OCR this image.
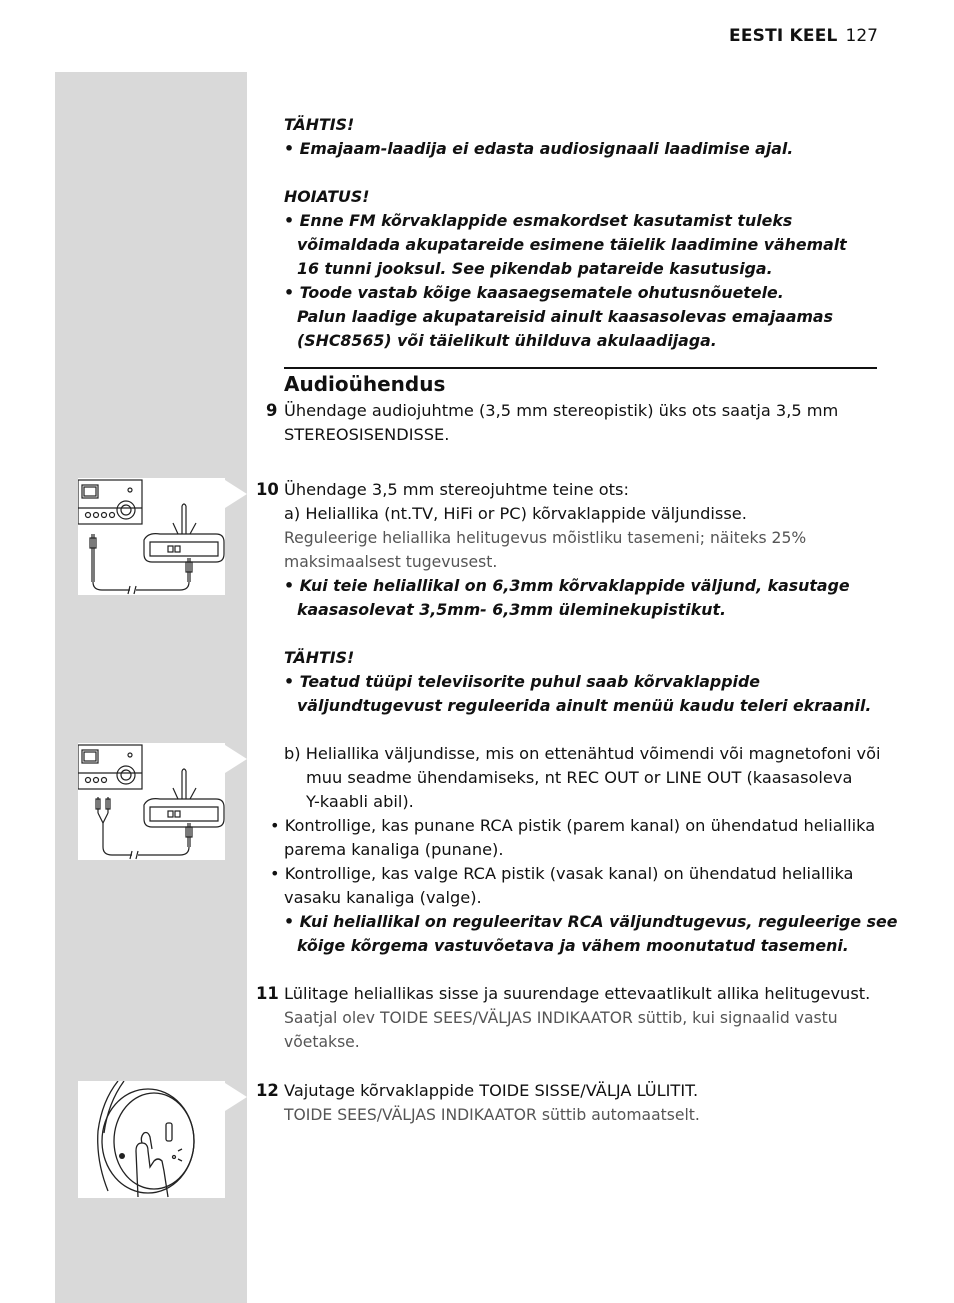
EESTI KEEL 127
TÄHTIS!
• Emajaam-laadija ei edasta audiosignaali laadimise ajal.
HOIATUS!
• Enne FM kõrvaklappide esmakordset kasutamist tuleks
võimaldada akupatareide esimene täielik laadimine vähemalt
16 tunni jooksul. See pikendab patareide kasutusiga.
• Toode vastab kõige kaasaegsematele ohutusnõuetele.
Palun laadige akupatareisid ainult kaasasolevas emajaamas
(SHC8565) või täielikult ühilduva akulaadijaga.
Audioühendus
9 Ühendage audiojuhtme (3,5 mm stereopistik) üks ots saatja 3,5 mm
STEREOSISENDISSE.
10 Ühendage 3,5 mm stereojuhtme teine ots:
a) Heliallika (nt.TV, HiFi or PC) kõrvaklappide väljundisse.
Reguleerige heliallika helitugevus mõistliku tasemeni; näiteks 25%
maksimaalsest tugevusest.
• Kui teie heliallikal on 6,3mm kõrvaklappide väljund, kasutage
kaasasolevat 3,5mm- 6,3mm üleminekupistikut.
TÄHTIS!
• Teatud tüüpi televiisorite puhul saab kõrvaklappide
väljundtugevust reguleerida ainult menüü kaudu teleri ekraanil.
b) Heliallika väljundisse, mis on ettenähtud võimendi või magnetofoni või
muu seadme ühendamiseks, nt REC OUT or LINE OUT (kaasasoleva
Y-kaabli abil).
• Kontrollige, kas punane RCA pistik (parem kanal) on ühendatud heliallika
parema kanaliga (punane).
• Kontrollige, kas valge RCA pistik (vasak kanal) on ühendatud heliallika
vasaku kanaliga (valge).
• Kui heliallikal on reguleeritav RCA väljundtugevus, reguleerige see
kõige kõrgema vastuvõetava ja vähem moonutatud tasemeni.
11 Lülitage heliallikas sisse ja suurendage ettevaatlikult allika helitugevust.
Saatjal olev TOIDE SEES/VÄLJAS INDIKAATOR süttib, kui signaalid vastu
võetakse.
12 Vajutage kõrvaklappide TOIDE SISSE/VÄLJA LÜLITIT.
TOIDE SEES/VÄLJAS INDIKAATOR süttib automaatselt.
